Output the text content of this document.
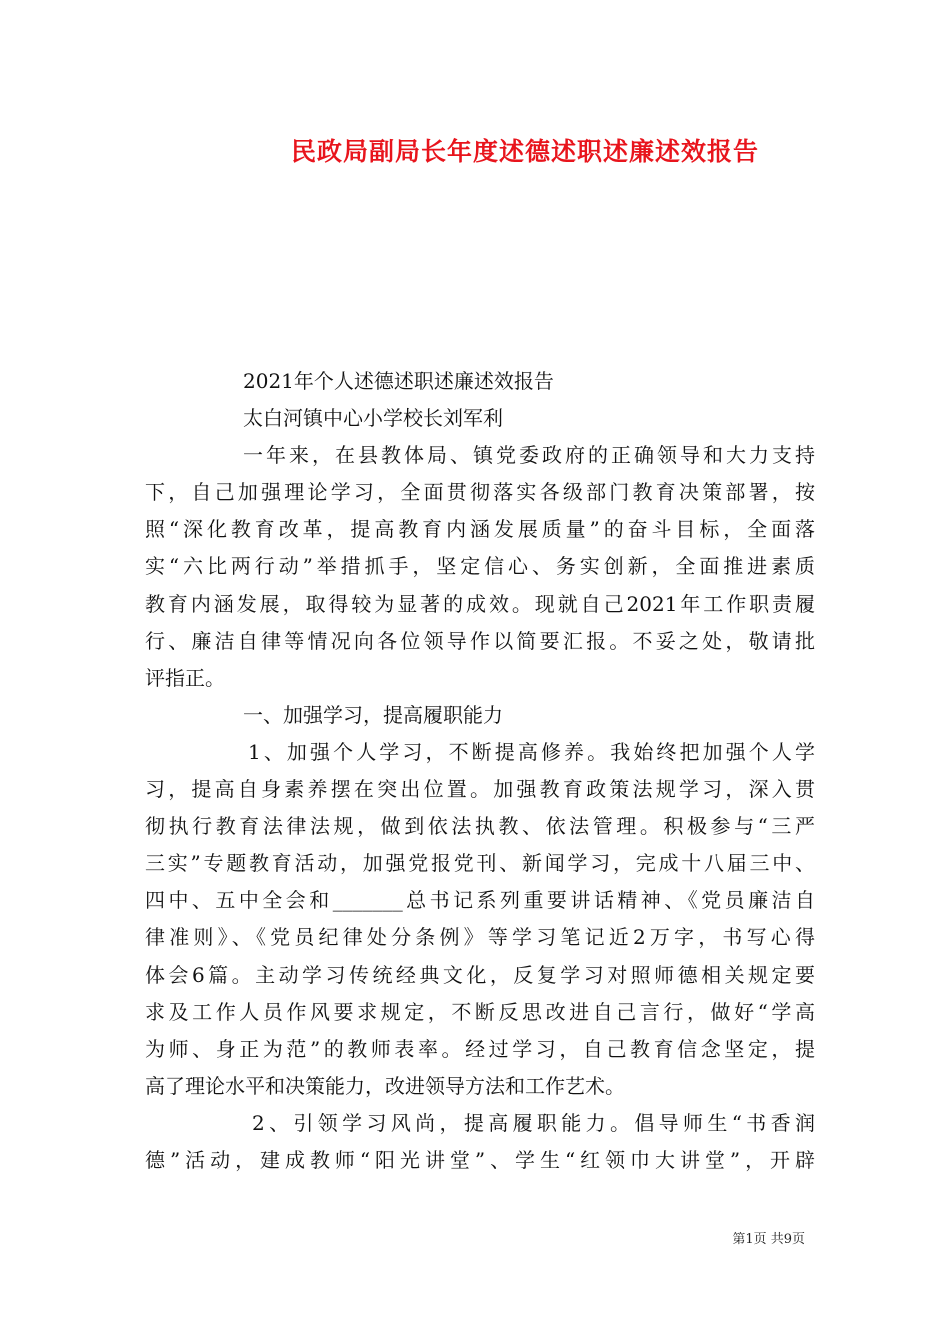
民政局副局长年度述德述职述廉述效报告
2021年个人述德述职述廉述效报告
太白河镇中心小学校长刘军利
一年来，在县教体局、镇党委政府的正确领导和大力支持
下，自己加强理论学习，全面贯彻落实各级部门教育决策部署，按
照“深化教育改革，提高教育内涵发展质量”的奋斗目标，全面落
实“六比两行动”举措抓手，坚定信心、务实创新，全面推进素质
教育内涵发展，取得较为显著的成效。现就自己2021年工作职责履
行、廉洁自律等情况向各位领导作以简要汇报。不妥之处，敬请批
评指正。
一、加强学习，提高履职能力
1、加强个人学习，不断提高修养。我始终把加强个人学
习，提高自身素养摆在突出位置。加强教育政策法规学习，深入贯
彻执行教育法律法规，做到依法执教、依法管理。积极参与“三严
三实”专题教育活动，加强党报党刊、新闻学习，完成十八届三中、
四中、五中全会和_______总书记系列重要讲话精神、《党员廉洁自
律准则》、《党员纪律处分条例》等学习笔记近2万字，书写心得
体会6篇。主动学习传统经典文化，反复学习对照师德相关规定要
求及工作人员作风要求规定，不断反思改进自己言行，做好“学高
为师、身正为范”的教师表率。经过学习，自己教育信念坚定，提
高了理论水平和决策能力，改进领导方法和工作艺术。
2、引领学习风尚，提高履职能力。倡导师生“书香润
德”活动，建成教师“阳光讲堂”、学生“红领巾大讲堂”，开辟
第1页 共9页
